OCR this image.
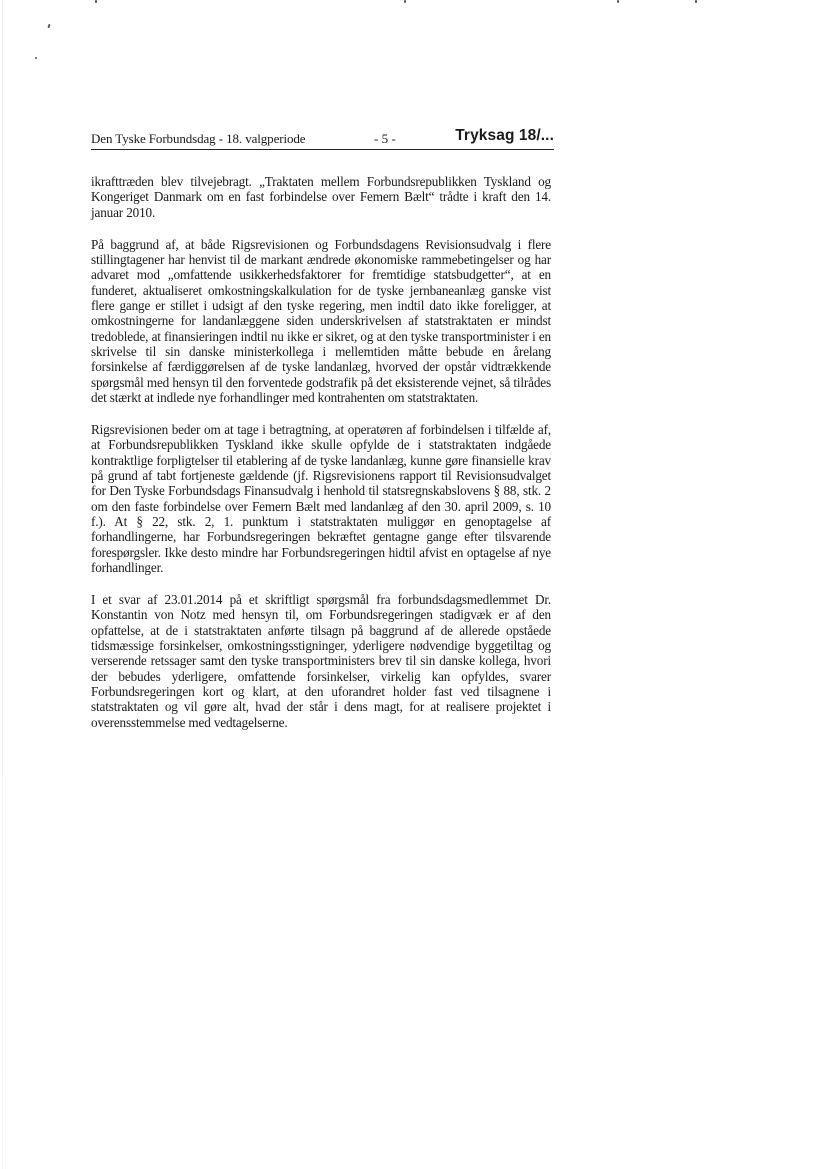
Den Tyske Forbundsdag - 18. valgperiode	- 5 -	Tryksag 18/...

ikrafttræden blev tilvejebragt. „Traktaten mellem Forbundsrepublikken Tyskland og Kongeriget Danmark om en fast forbindelse over Femern Bælt“ trådte i kraft den 14. januar 2010.

På baggrund af, at både Rigsrevisionen og Forbundsdagens Revisionsudvalg i flere stillingtagener har henvist til de markant ændrede økonomiske rammebetingelser og har advaret mod „omfattende usikkerhedsfaktorer for fremtidige statsbudgetter“, at en funderet, aktualiseret omkostningskalkulation for de tyske jernbaneanlæg ganske vist flere gange er stillet i udsigt af den tyske regering, men indtil dato ikke foreligger, at omkostningerne for landanlæggene siden underskrivelsen af statstraktaten er mindst tredoblede, at finansieringen indtil nu ikke er sikret, og at den tyske transportminister i en skrivelse til sin danske ministerkollega i mellemtiden måtte bebude en årelang forsinkelse af færdiggørelsen af de tyske landanlæg, hvorved der opstår vidtrækkende spørgsmål med hensyn til den forventede godstrafik på det eksisterende vejnet, så tilrådes det stærkt at indlede nye forhandlinger med kontrahenten om statstraktaten.

Rigsrevisionen beder om at tage i betragtning, at operatøren af forbindelsen i tilfælde af, at Forbundsrepublikken Tyskland ikke skulle opfylde de i statstraktaten indgåede kontraktlige forpligtelser til etablering af de tyske landanlæg, kunne gøre finansielle krav på grund af tabt fortjeneste gældende (jf. Rigsrevisionens rapport til Revisionsudvalget for Den Tyske Forbundsdags Finansudvalg i henhold til statsregnskabslovens § 88, stk. 2 om den faste forbindelse over Femern Bælt med landanlæg af den 30. april 2009, s. 10 f.). At § 22, stk. 2, 1. punktum i statstraktaten muliggør en genoptagelse af forhandlingerne, har Forbundsregeringen bekræftet gentagne gange efter tilsvarende forespørgsler. Ikke desto mindre har Forbundsregeringen hidtil afvist en optagelse af nye forhandlinger.

I et svar af 23.01.2014 på et skriftligt spørgsmål fra forbundsdagsmedlemmet Dr. Konstantin von Notz med hensyn til, om Forbundsregeringen stadigvæk er af den opfattelse, at de i statstraktaten anførte tilsagn på baggrund af de allerede opståede tidsmæssige forsinkelser, omkostningsstigninger, yderligere nødvendige byggetiltag og verserende retssager samt den tyske transportministers brev til sin danske kollega, hvori der bebudes yderligere, omfattende forsinkelser, virkelig kan opfyldes, svarer Forbundsregeringen kort og klart, at den uforandret holder fast ved tilsagnene i statstraktaten og vil gøre alt, hvad der står i dens magt, for at realisere projektet i overensstemmelse med vedtagelserne.
